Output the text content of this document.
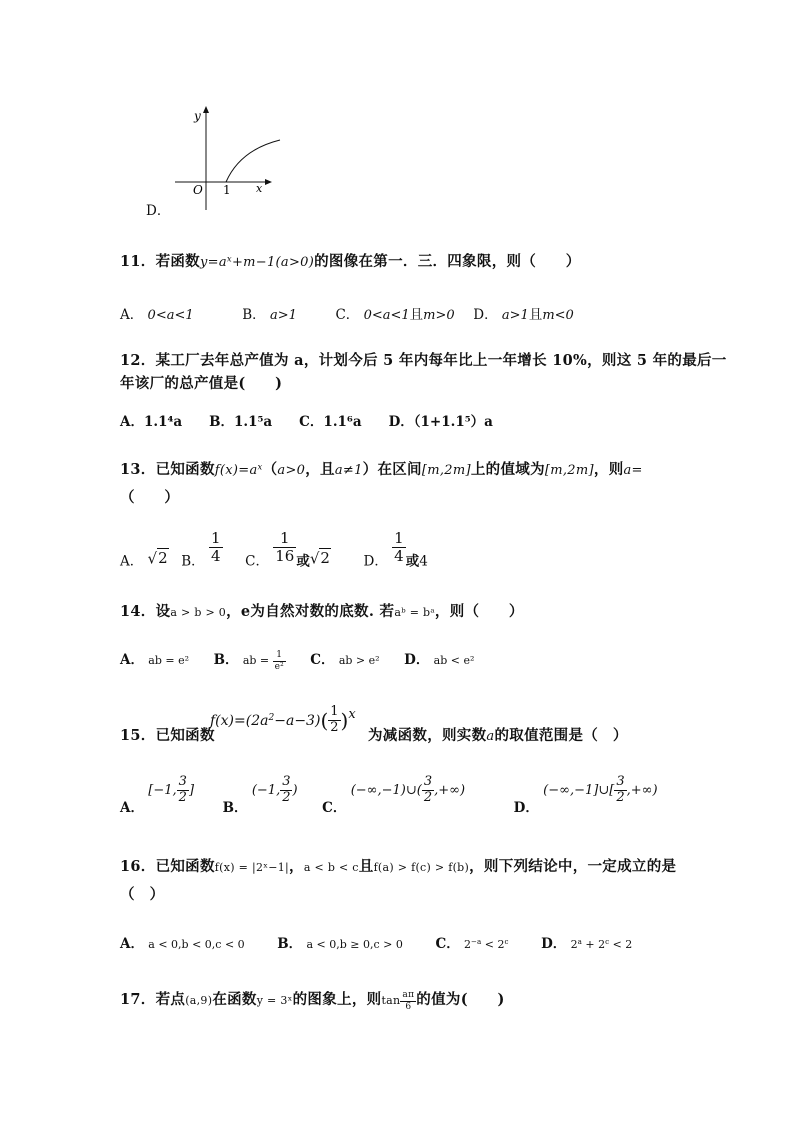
y
x
O 1
D．
11．若函数$y=a^x+m-1(a>0)$的图像在第一．三．四象限，则（　　）
A． 0<a<1	B． a>1	C． 0<a<1且m>0 D． a>1且m<0
12．某工厂去年总产值为 a，计划今后 5 年内每年比上一年增长 10%，则这 5 年的最后一
年该厂的总产值是(　　)
A．1.1⁴a　　B．1.1⁵a　　C．1.1⁶a　　D．（1+1.1⁵）a
13．已知函数$f(x)=a^x(a>0$，且a≠1）在区间[m,2m]上的值域为[m,2m]，则a=
（　　）
A． √2 B． $\frac{1}{4}$ C． $\frac{1}{16}$ 或√2 D． $\frac{1}{4}$ 或4
14．设a > b > 0，e为自然对数的底数. 若aᵇ = bᵃ，则（　　）
A． ab = e² B． ab = $\frac{1}{e^2}$ C． ab > e² D． ab < e²
$f(x)=(2a^2-a-3)( \frac{1}{2} )^x$
15．已知函数	为减函数，则实数a的取值范围是（　）
A． [−1, $\frac{3}{2}$ ]  B． (−1, $\frac{3}{2}$ )  C． (−∞,−1)∪( $\frac{3}{2}$ ,+∞)  D． (−∞,−1]∪[ $\frac{3}{2}$ ,+∞)
16．已知函数f(x) = |2ˣ−1|，a < b < c且f(a) > f(c) > f(b)，则下列结论中，一定成立的是
（　）
A． a < 0,b < 0,c < 0 B． a < 0,b ≥ 0,c > 0 C． $2^{-a} < 2^c$ D． $2^a + 2^c < 2$
17．若点(a,9)在函数y = 3ˣ的图象上，则$\tan \frac{a\pi}{6}$ 的值为(　　)
